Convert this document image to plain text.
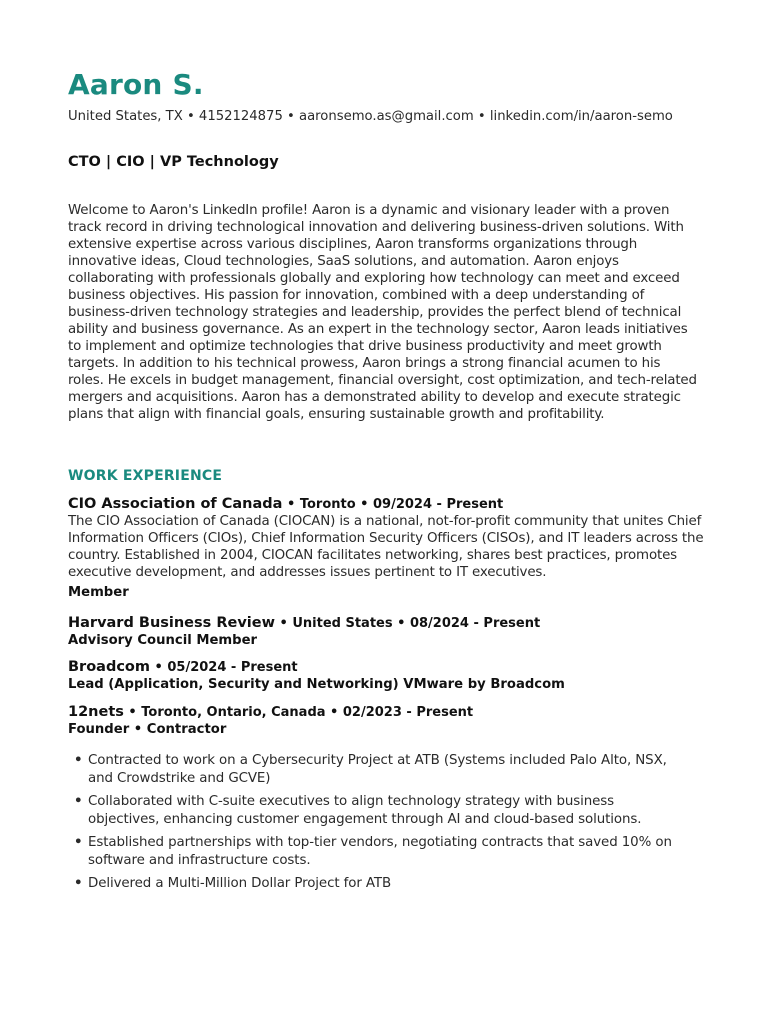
Aaron S.
United States, TX • 4152124875 • aaronsemo.as@gmail.com • linkedin.com/in/aaron-semo
CTO | CIO | VP Technology
Welcome to Aaron's LinkedIn profile! Aaron is a dynamic and visionary leader with a proven track record in driving technological innovation and delivering business-driven solutions. With extensive expertise across various disciplines, Aaron transforms organizations through innovative ideas, Cloud technologies, SaaS solutions, and automation. Aaron enjoys collaborating with professionals globally and exploring how technology can meet and exceed business objectives. His passion for innovation, combined with a deep understanding of business-driven technology strategies and leadership, provides the perfect blend of technical ability and business governance. As an expert in the technology sector, Aaron leads initiatives to implement and optimize technologies that drive business productivity and meet growth targets. In addition to his technical prowess, Aaron brings a strong financial acumen to his roles. He excels in budget management, financial oversight, cost optimization, and tech-related mergers and acquisitions. Aaron has a demonstrated ability to develop and execute strategic plans that align with financial goals, ensuring sustainable growth and profitability.
WORK EXPERIENCE
CIO Association of Canada • Toronto • 09/2024 - Present
The CIO Association of Canada (CIOCAN) is a national, not-for-profit community that unites Chief Information Officers (CIOs), Chief Information Security Officers (CISOs), and IT leaders across the country. Established in 2004, CIOCAN facilitates networking, shares best practices, promotes executive development, and addresses issues pertinent to IT executives.
Member
Harvard Business Review • United States • 08/2024 - Present
Advisory Council Member
Broadcom • 05/2024 - Present
Lead (Application, Security and Networking) VMware by Broadcom
12nets • Toronto, Ontario, Canada • 02/2023 - Present
Founder • Contractor
• Contracted to work on a Cybersecurity Project at ATB (Systems included Palo Alto, NSX, and Crowdstrike and GCVE)
• Collaborated with C-suite executives to align technology strategy with business objectives, enhancing customer engagement through AI and cloud-based solutions.
• Established partnerships with top-tier vendors, negotiating contracts that saved 10% on software and infrastructure costs.
• Delivered a Multi-Million Dollar Project for ATB
